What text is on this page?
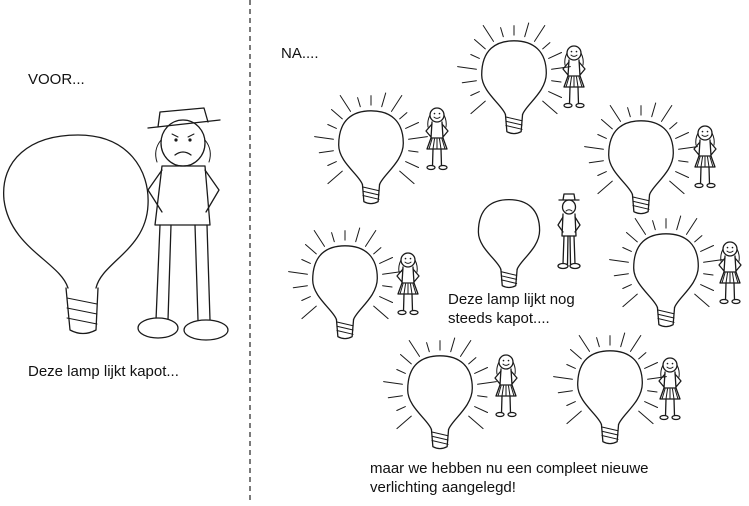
VOOR...
NA....
Deze lamp lijkt kapot...
Deze lamp lijkt nog
steeds kapot....
maar we hebben nu een compleet nieuwe
verlichting aangelegd!
